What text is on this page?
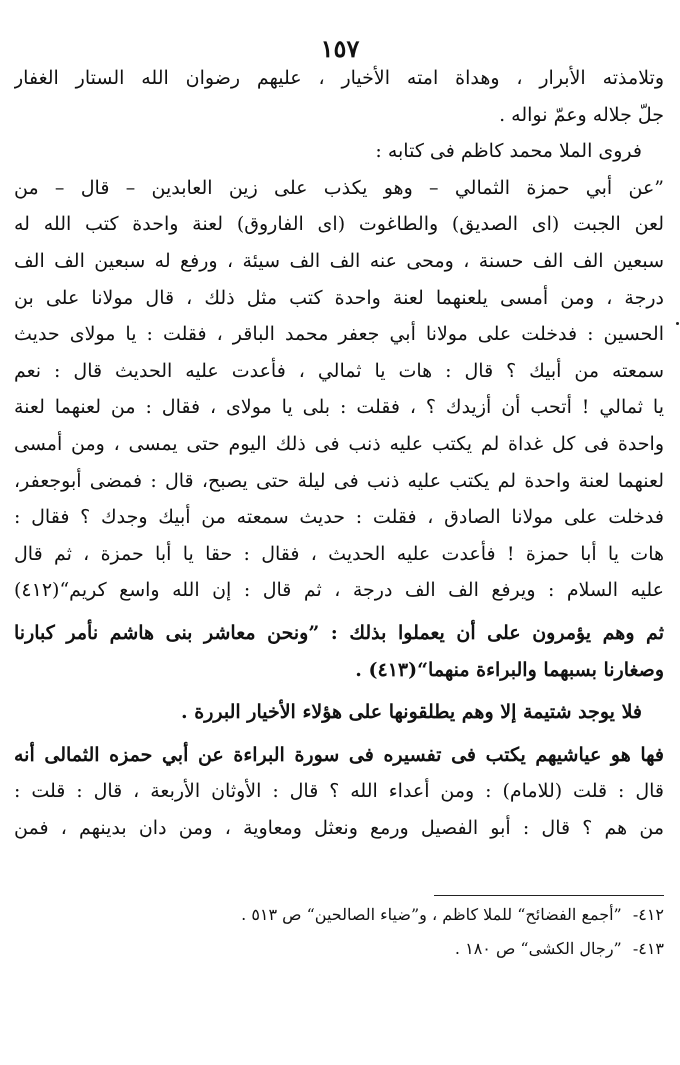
١٥٧
وتلامذته الأبرار ، وهداة امته الأخيار ، عليهم رضوان الله الستار الغفار
جلّ جلاله وعمّ نواله .
فروى الملا محمد كاظم فى كتابه :
”عن أبي حمزة الثمالي – وهو يكذب على زين العابدين – قال – من
لعن الجبت (اى الصديق) والطاغوت (اى الفاروق) لعنة واحدة كتب الله له
سبعين الف الف حسنة ، ومحى عنه الف الف سيئة ، ورفع له سبعين الف الف
درجة ، ومن أمسى يلعنهما لعنة واحدة كتب مثل ذلك ، قال مولانا على بن
الحسين : فدخلت على مولانا أبي جعفر محمد الباقر ، فقلت : يا مولاى حديث
سمعته من أبيك ؟ قال : هات يا ثمالي ، فأعدت عليه الحديث قال : نعم
يا ثمالي ! أتحب أن أزيدك ؟ ، فقلت : بلى يا مولاى ، فقال : من لعنهما لعنة
واحدة فى كل غداة لم يكتب عليه ذنب فى ذلك اليوم حتى يمسى ، ومن أمسى
لعنهما لعنة واحدة لم يكتب عليه ذنب فى ليلة حتى يصبح، قال : فمضى أبوجعفر،
فدخلت على مولانا الصادق ، فقلت : حديث سمعته من أبيك وجدك ؟ فقال :
هات يا أبا حمزة ! فأعدت عليه الحديث ، فقال : حقا يا أبا حمزة ، ثم قال
عليه السلام : ويرفع الف الف درجة ، ثم قال : إن الله واسع كريم“(٤١٢)
ثم وهم يؤمرون على أن يعملوا بذلك : ”ونحن معاشر بنى هاشم نأمر كبارنا
وصغارنا بسبهما والبراءة منهما“(٤١٣) .
فلا يوجد شتيمة إلا وهم يطلقونها على هؤلاء الأخيار البررة .
فها هو عياشيهم يكتب فى تفسيره فى سورة البراءة عن أبي حمزه الثمالى أنه
قال : قلت (للامام) : ومن أعداء الله ؟ قال : الأوثان الأربعة ، قال : قلت :
من هم ؟ قال : أبو الفصيل ورمع ونعثل ومعاوية ، ومن دان بدينهم ، فمن
٤١٢- ”أجمع الفضائح“ للملا كاظم ، و”ضياء الصالحين“ ص ٥١٣ .
٤١٣- ”رجال الكشى“ ص ١٨٠ .
